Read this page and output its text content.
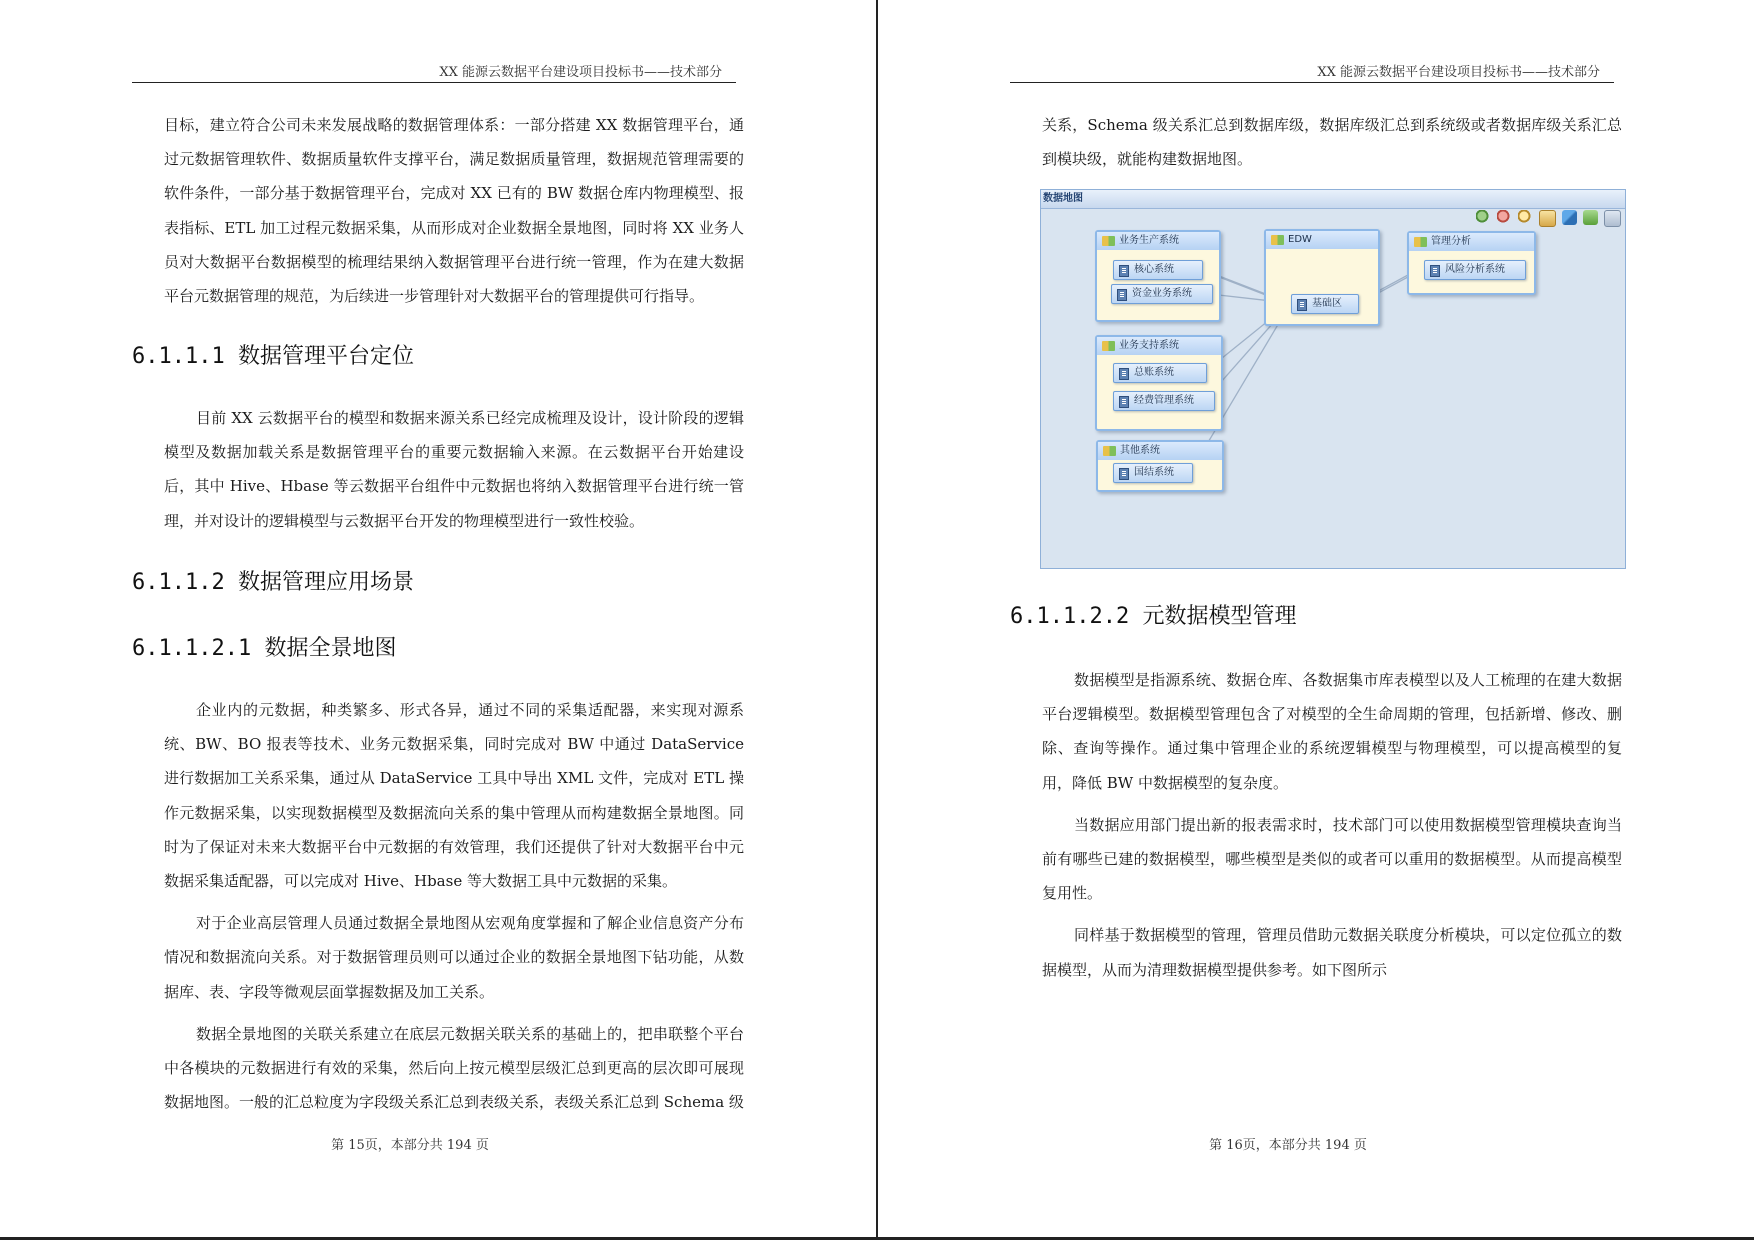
XX 能源云数据平台建设项目投标书——技术部分

目标，建立符合公司未来发展战略的数据管理体系：一部分搭建 XX 数据管理平台，通过元数据管理软件、数据质量软件支撑平台，满足数据质量管理，数据规范管理需要的软件条件，一部分基于数据管理平台，完成对 XX 已有的 BW 数据仓库内物理模型、报表指标、ETL 加工过程元数据采集，从而形成对企业数据全景地图，同时将 XX 业务人员对大数据平台数据模型的梳理结果纳入数据管理平台进行统一管理，作为在建大数据平台元数据管理的规范，为后续进一步管理针对大数据平台的管理提供可行指导。

6.1.1.1 数据管理平台定位

目前 XX 云数据平台的模型和数据来源关系已经完成梳理及设计，设计阶段的逻辑模型及数据加载关系是数据管理平台的重要元数据输入来源。在云数据平台开始建设后，其中 Hive、Hbase 等云数据平台组件中元数据也将纳入数据管理平台进行统一管理，并对设计的逻辑模型与云数据平台开发的物理模型进行一致性校验。

6.1.1.2 数据管理应用场景
6.1.1.2.1 数据全景地图

企业内的元数据，种类繁多、形式各异，通过不同的采集适配器，来实现对源系统、BW、BO 报表等技术、业务元数据采集，同时完成对 BW 中通过 DataService 进行数据加工关系采集，通过从 DataService 工具中导出 XML 文件，完成对 ETL 操作元数据采集，以实现数据模型及数据流向关系的集中管理从而构建数据全景地图。同时为了保证对未来大数据平台中元数据的有效管理，我们还提供了针对大数据平台中元数据采集适配器，可以完成对 Hive、Hbase 等大数据工具中元数据的采集。

对于企业高层管理人员通过数据全景地图从宏观角度掌握和了解企业信息资产分布情况和数据流向关系。对于数据管理员则可以通过企业的数据全景地图下钻功能，从数据库、表、字段等微观层面掌握数据及加工关系。

数据全景地图的关联关系建立在底层元数据关联关系的基础上的，把串联整个平台中各模块的元数据进行有效的采集，然后向上按元模型层级汇总到更高的层次即可展现数据地图。一般的汇总粒度为字段级关系汇总到表级关系，表级关系汇总到 Schema 级

第 15页，本部分共 194 页
XX 能源云数据平台建设项目投标书——技术部分

关系，Schema 级关系汇总到数据库级，数据库级汇总到系统级或者数据库级关系汇总到模块级，就能构建数据地图。

数据地图
业务生产系统
核心系统
资金业务系统
EDW
基础区
管理分析
风险分析系统
业务支持系统
总账系统
经费管理系统
其他系统
国结系统
6.1.1.2.2 元数据模型管理

数据模型是指源系统、数据仓库、各数据集市库表模型以及人工梳理的在建大数据平台逻辑模型。数据模型管理包含了对模型的全生命周期的管理，包括新增、修改、删除、查询等操作。通过集中管理企业的系统逻辑模型与物理模型，可以提高模型的复用，降低 BW 中数据模型的复杂度。

当数据应用部门提出新的报表需求时，技术部门可以使用数据模型管理模块查询当前有哪些已建的数据模型，哪些模型是类似的或者可以重用的数据模型。从而提高模型复用性。

同样基于数据模型的管理，管理员借助元数据关联度分析模块，可以定位孤立的数据模型，从而为清理数据模型提供参考。如下图所示

第 16页，本部分共 194 页
